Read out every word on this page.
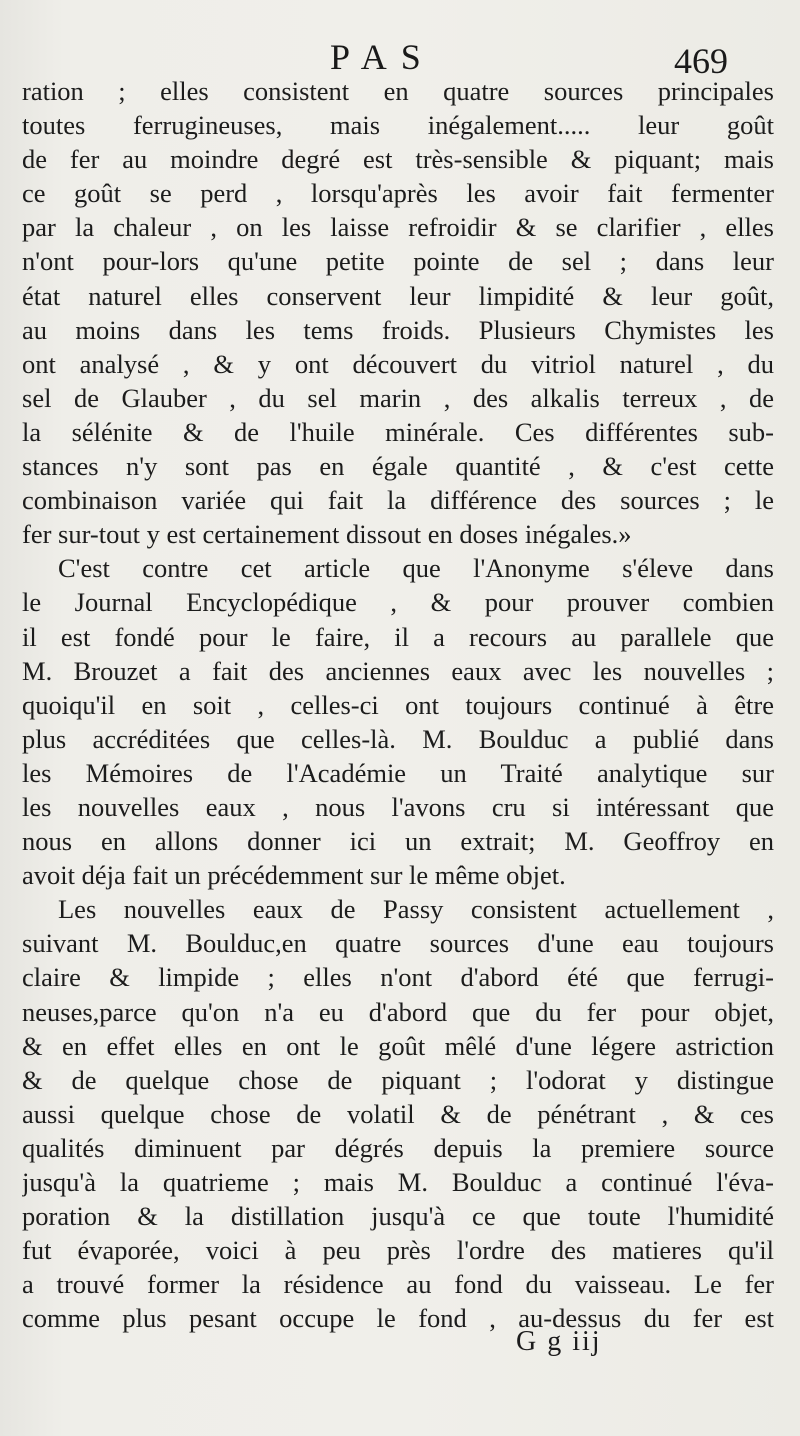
PAS	469
ration ; elles consistent en quatre sources principales
toutes ferrugineuses, mais inégalement..... leur goût
de fer au moindre degré est très-sensible & piquant; mais
ce goût se perd , lorsqu'après les avoir fait fermenter
par la chaleur , on les laisse refroidir & se clarifier , elles
n'ont pour-lors qu'une petite pointe de sel ; dans leur
état naturel elles conservent leur limpidité & leur goût,
au moins dans les tems froids. Plusieurs Chymistes les
ont analysé , & y ont découvert du vitriol naturel , du
sel de Glauber , du sel marin , des alkalis terreux , de
la sélénite & de l'huile minérale. Ces différentes sub-
stances n'y sont pas en égale quantité , & c'est cette
combinaison variée qui fait la différence des sources ; le
fer sur-tout y est certainement dissout en doses inégales.»
C'est contre cet article que l'Anonyme s'éleve dans
le Journal Encyclopédique , & pour prouver combien
il est fondé pour le faire, il a recours au parallele que
M. Brouzet a fait des anciennes eaux avec les nouvelles ;
quoiqu'il en soit , celles-ci ont toujours continué à être
plus accréditées que celles-là. M. Boulduc a publié dans
les Mémoires de l'Académie un Traité analytique sur
les nouvelles eaux , nous l'avons cru si intéressant que
nous en allons donner ici un extrait; M. Geoffroy en
avoit déja fait un précédemment sur le même objet.
Les nouvelles eaux de Passy consistent actuellement ,
suivant M. Boulduc,en quatre sources d'une eau toujours
claire & limpide ; elles n'ont d'abord été que ferrugi-
neuses,parce qu'on n'a eu d'abord que du fer pour objet,
& en effet elles en ont le goût mêlé d'une légere astriction
& de quelque chose de piquant ; l'odorat y distingue
aussi quelque chose de volatil & de pénétrant , & ces
qualités diminuent par dégrés depuis la premiere source
jusqu'à la quatrieme ; mais M. Boulduc a continué l'éva-
poration & la distillation jusqu'à ce que toute l'humidité
fut évaporée, voici à peu près l'ordre des matieres qu'il
a trouvé former la résidence au fond du vaisseau. Le fer
comme plus pesant occupe le fond , au-dessus du fer est
G g iij
